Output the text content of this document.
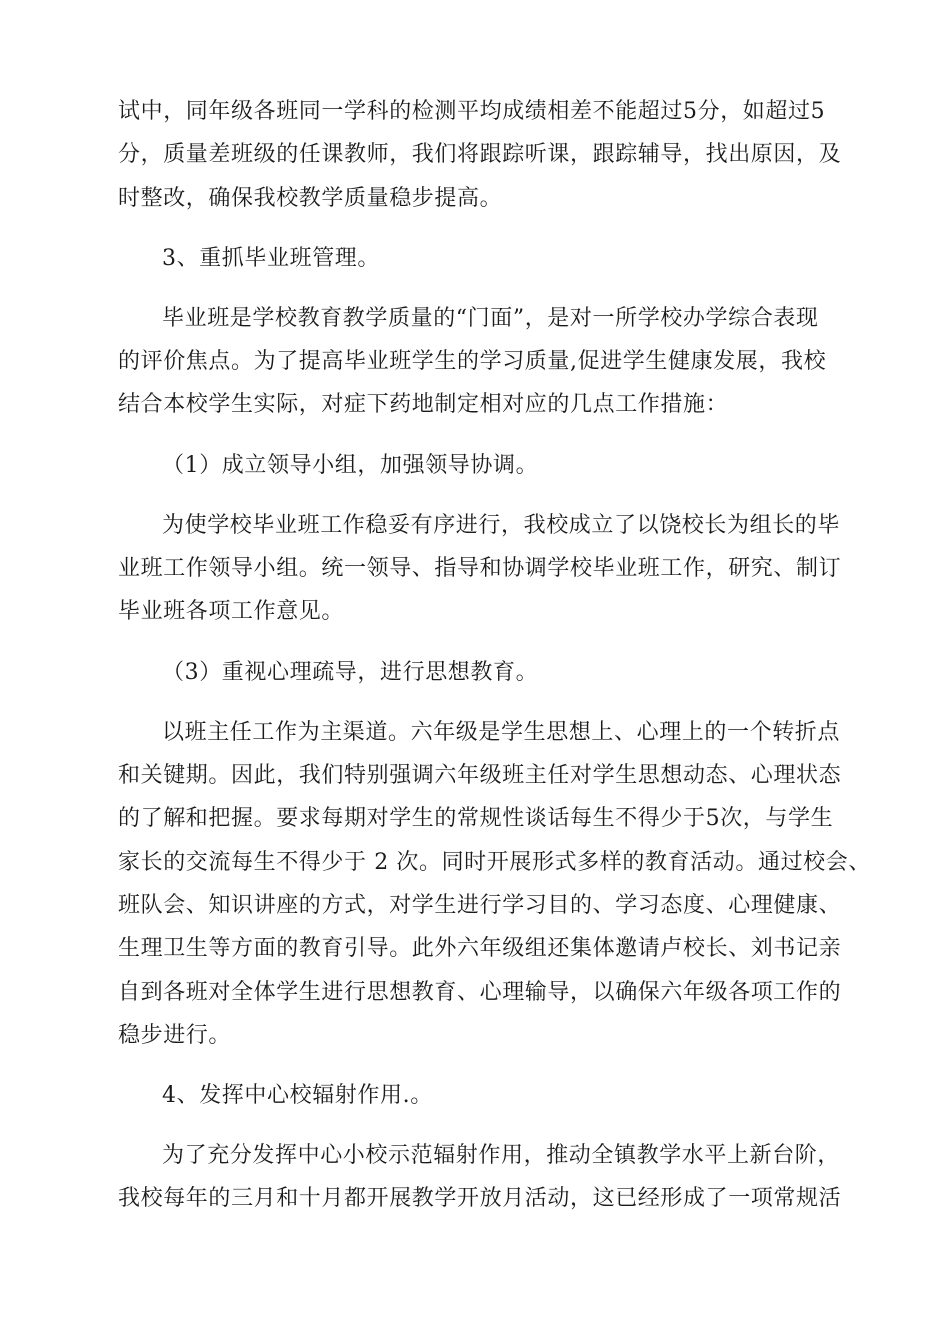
试中，同年级各班同一学科的检测平均成绩相差不能超过5分，如超过5
分，质量差班级的任课教师，我们将跟踪听课，跟踪辅导，找出原因，及
时整改，确保我校教学质量稳步提高。
3、重抓毕业班管理。
毕业班是学校教育教学质量的“门面”，是对一所学校办学综合表现
的评价焦点。为了提高毕业班学生的学习质量,促进学生健康发展，我校
结合本校学生实际，对症下药地制定相对应的几点工作措施：
（1）成立领导小组，加强领导协调。
为使学校毕业班工作稳妥有序进行，我校成立了以饶校长为组长的毕
业班工作领导小组。统一领导、指导和协调学校毕业班工作，研究、制订
毕业班各项工作意见。
（3）重视心理疏导，进行思想教育。
以班主任工作为主渠道。六年级是学生思想上、心理上的一个转折点
和关键期。因此，我们特别强调六年级班主任对学生思想动态、心理状态
的了解和把握。要求每期对学生的常规性谈话每生不得少于5次，与学生
家长的交流每生不得少于 2 次。同时开展形式多样的教育活动。通过校会、
班队会、知识讲座的方式，对学生进行学习目的、学习态度、心理健康、
生理卫生等方面的教育引导。此外六年级组还集体邀请卢校长、刘书记亲
自到各班对全体学生进行思想教育、心理输导，以确保六年级各项工作的
稳步进行。
4、发挥中心校辐射作用.。
为了充分发挥中心小校示范辐射作用，推动全镇教学水平上新台阶，
我校每年的三月和十月都开展教学开放月活动，这已经形成了一项常规活
